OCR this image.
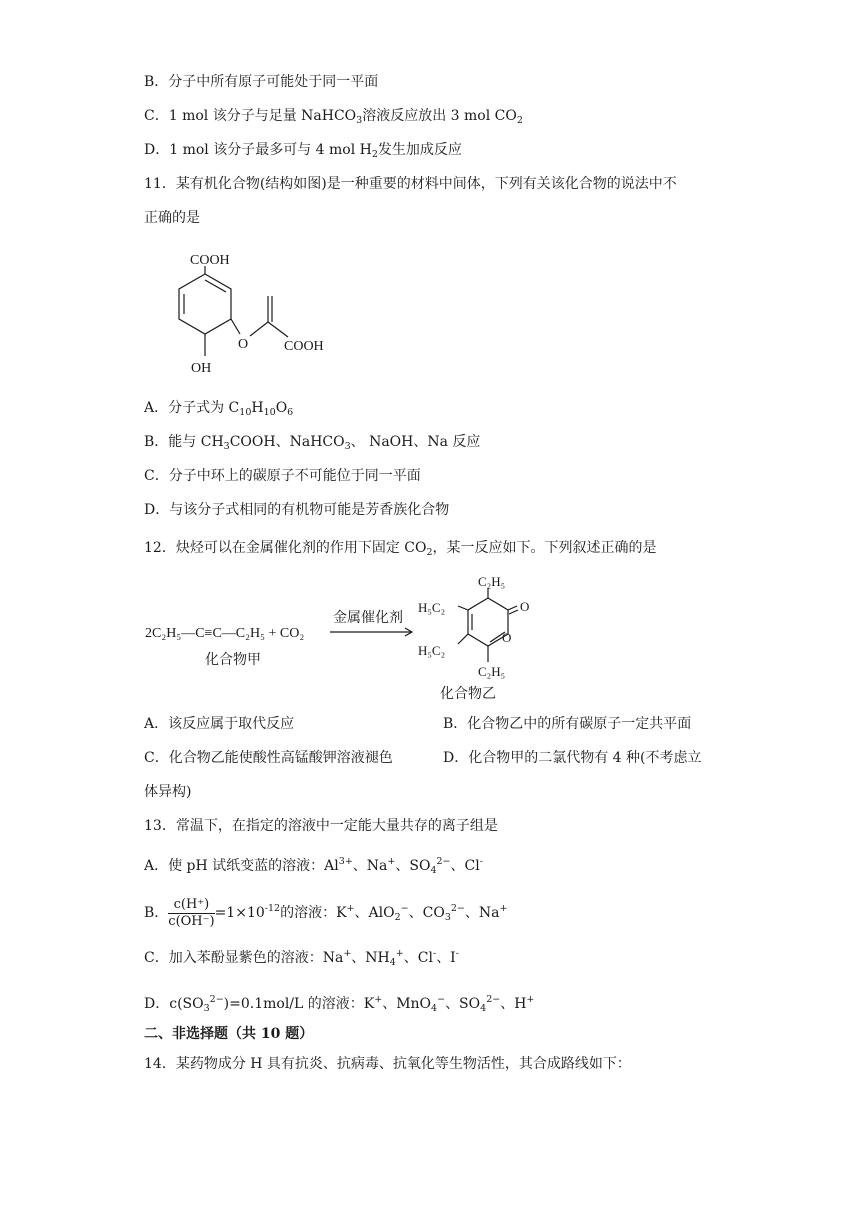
B．分子中所有原子可能处于同一平面
C．1 mol 该分子与足量 NaHCO$_3$溶液反应放出 3 mol $CO_2$
D．1 mol 该分子最多可与 4 mol $H_2$发生加成反应
11．某有机化合物(结构如图)是一种重要的材料中间体，下列有关该化合物的说法中不
正确的是
COOH
O	COOH
OH
A．分子式为 $C_{10}H_{10}O_6$
B．能与 $CH_3COOH$、NaHCO$_3$、 NaOH、Na 反应
C．分子中环上的碳原子不可能位于同一平面
D．与该分子式相同的有机物可能是芳香族化合物
12．炔烃可以在金属催化剂的作用下固定 $CO_2$，某一反应如下。下列叙述正确的是
2C₂H₅—C≡C—C₂H₅ + CO₂
化合物甲
金属催化剂
C₂H₅
O
H₅C₂
H₅C₂
O
C₂H₅
化合物乙
A．该反应属于取代反应	B．化合物乙中的所有碳原子一定共平面
C．化合物乙能使酸性高锰酸钾溶液褪色	D．化合物甲的二氯代物有 4 种(不考虑立
体异构)
13．常温下，在指定的溶液中一定能大量共存的离子组是
A．使 pH 试纸变蓝的溶液：$Al^{3+}$、Na+、$SO_4^{2-}$、Cl-
B． $\frac{c(H^+)}{c(OH^-)} =1\times 10^{-12}$的溶液：K+、AlO$_2$−、$CO_3^{2-}$、Na+
C．加入苯酚显紫色的溶液：Na+、$NH_4^+$、Cl-、I-
D．$c(SO_3^{2-})=0.1mol/L$ 的溶液：K+、MnO$_4$−、$SO_4^{2-}$、H+
二、非选择题（共 10 题）
14．某药物成分 H 具有抗炎、抗病毒、抗氧化等生物活性，其合成路线如下：
